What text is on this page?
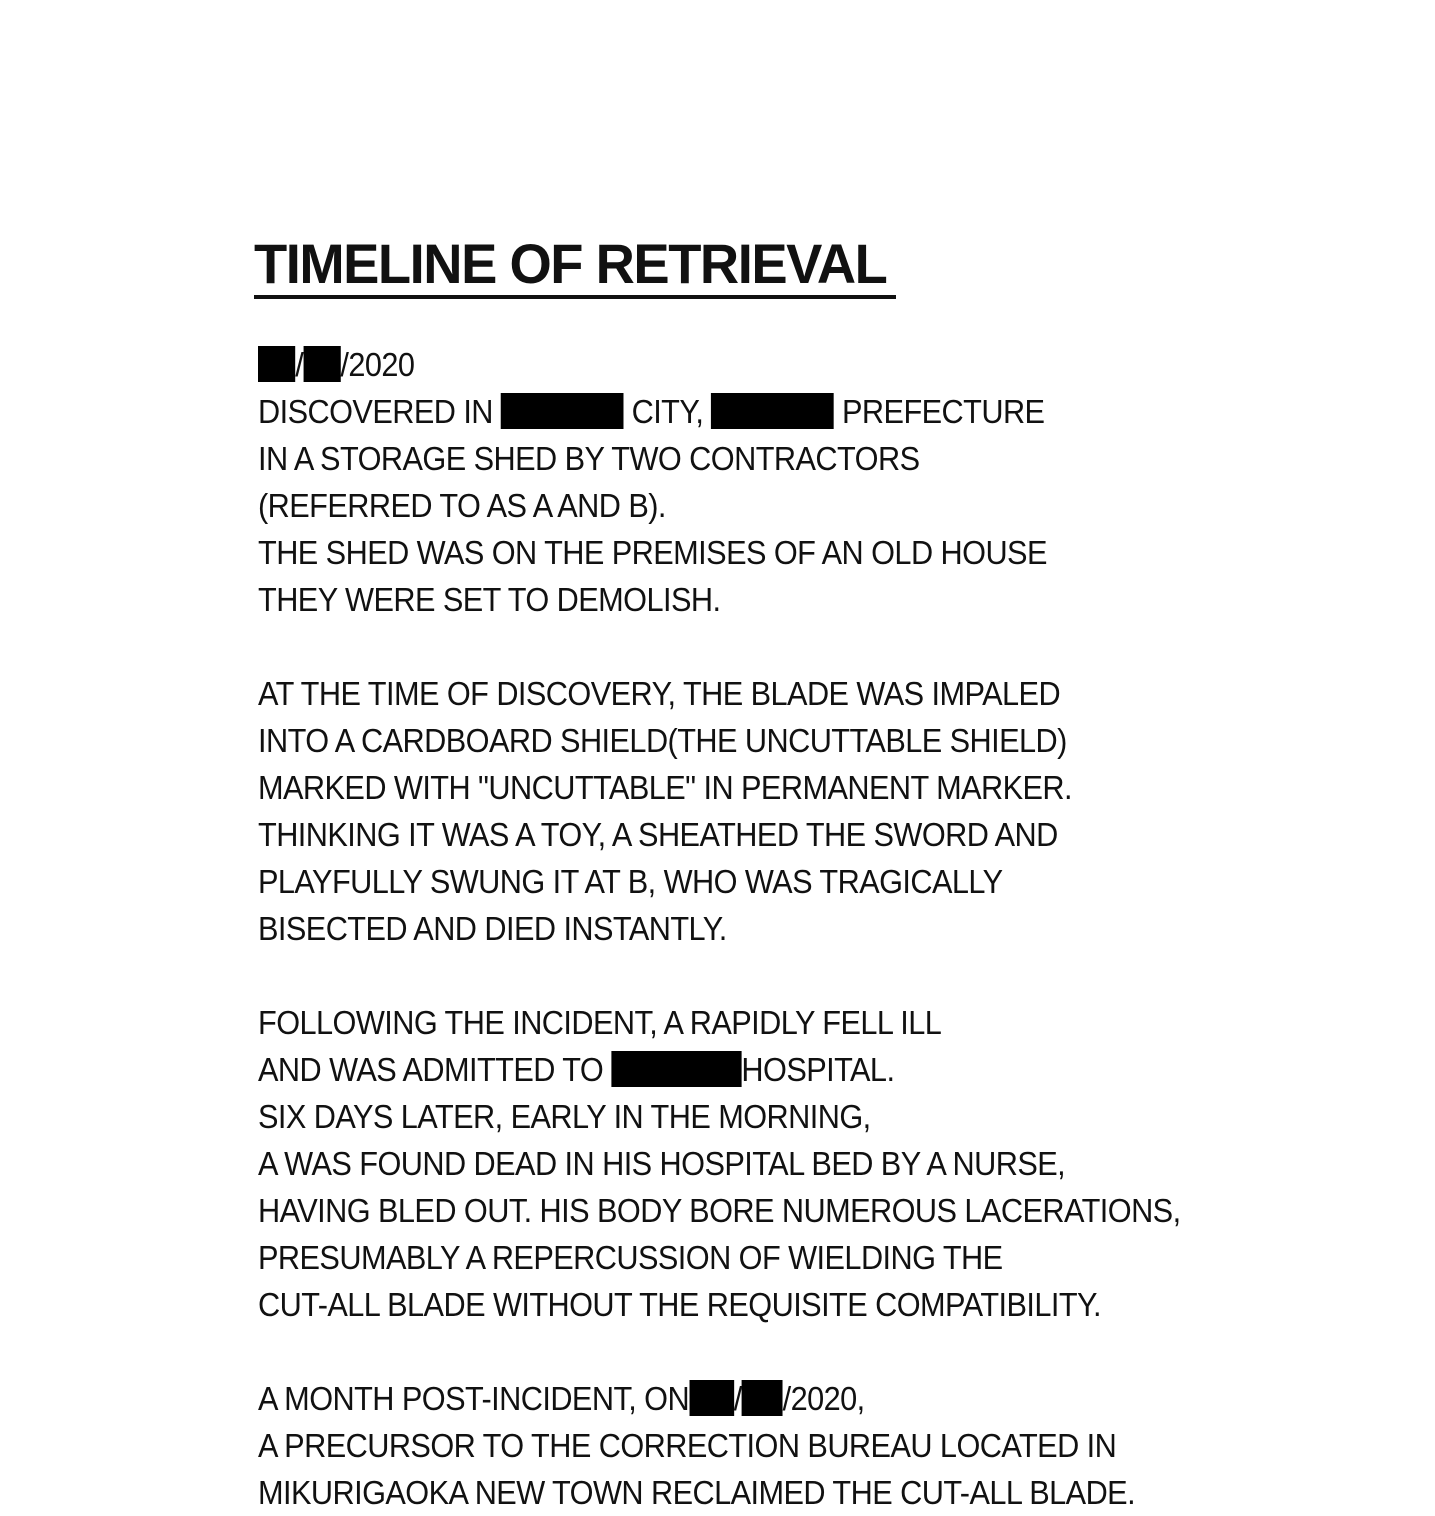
TIMELINE OF RETRIEVAL
/ /2020
DISCOVERED IN	CITY,	PREFECTURE
IN A STORAGE SHED BY TWO CONTRACTORS
(REFERRED TO AS A AND B).
THE SHED WAS ON THE PREMISES OF AN OLD HOUSE
THEY WERE SET TO DEMOLISH.
AT THE TIME OF DISCOVERY, THE BLADE WAS IMPALED
INTO A CARDBOARD SHIELD(THE UNCUTTABLE SHIELD)
MARKED WITH "UNCUTTABLE" IN PERMANENT MARKER.
THINKING IT WAS A TOY, A SHEATHED THE SWORD AND
PLAYFULLY SWUNG IT AT B, WHO WAS TRAGICALLY
BISECTED AND DIED INSTANTLY.
FOLLOWING THE INCIDENT, A RAPIDLY FELL ILL
AND WAS ADMITTED TO	HOSPITAL.
SIX DAYS LATER, EARLY IN THE MORNING,
A WAS FOUND DEAD IN HIS HOSPITAL BED BY A NURSE,
HAVING BLED OUT. HIS BODY BORE NUMEROUS LACERATIONS,
PRESUMABLY A REPERCUSSION OF WIELDING THE
CUT-ALL BLADE WITHOUT THE REQUISITE COMPATIBILITY.
A MONTH POST-INCIDENT, ON / /2020,
A PRECURSOR TO THE CORRECTION BUREAU LOCATED IN
MIKURIGAOKA NEW TOWN RECLAIMED THE CUT-ALL BLADE.
